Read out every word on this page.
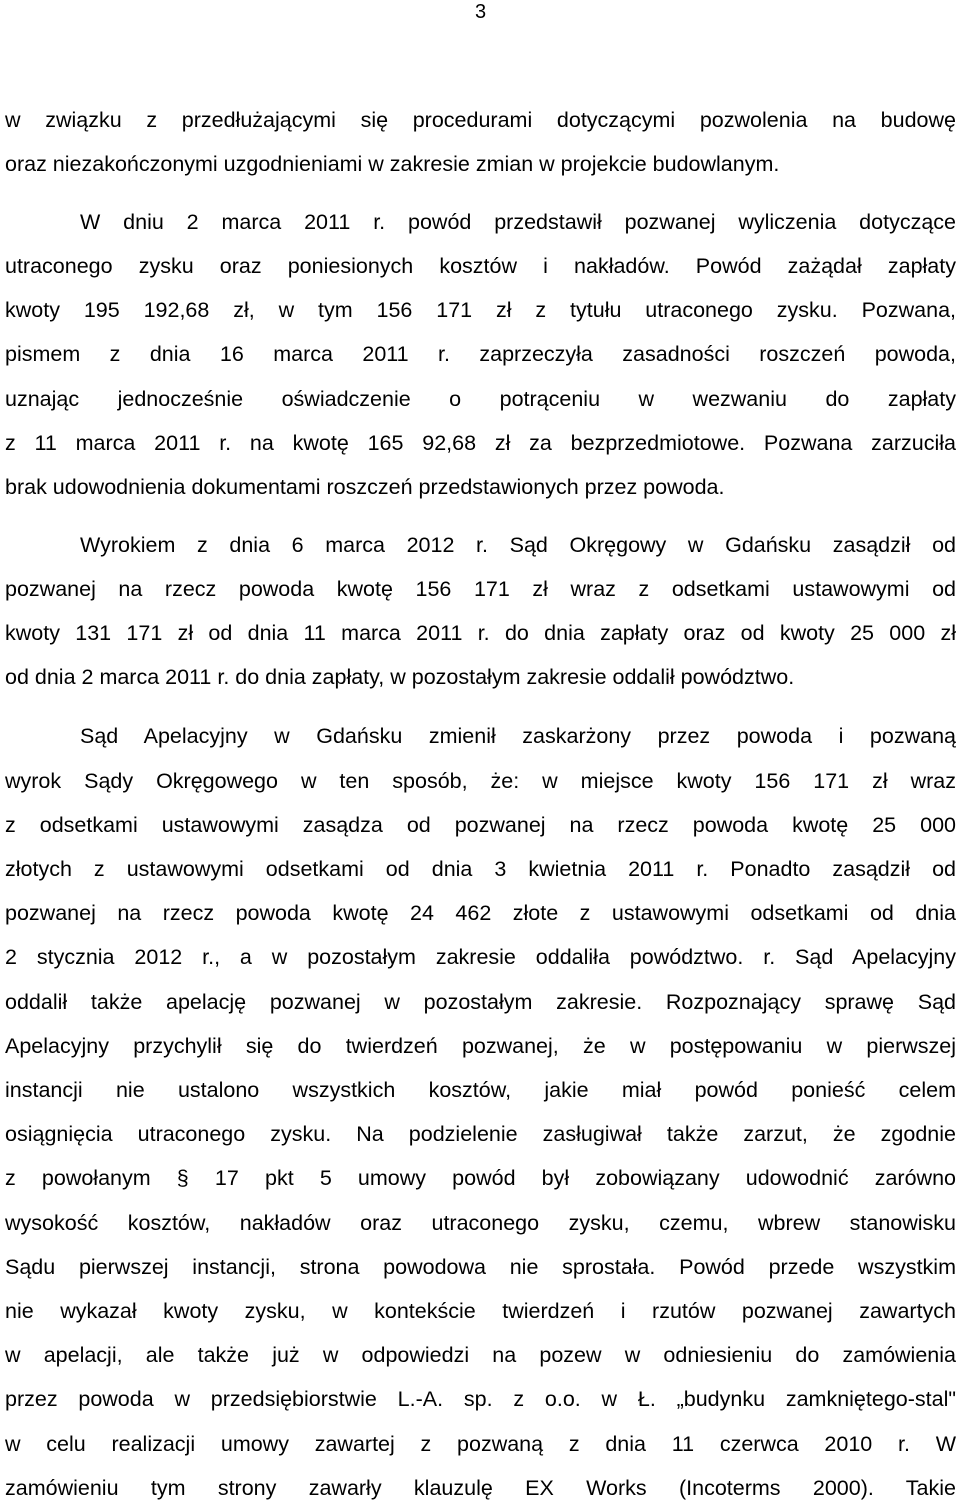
3
w związku z przedłużającymi się procedurami dotyczącymi pozwolenia na budowę
oraz niezakończonymi uzgodnieniami w zakresie zmian w projekcie budowlanym.
W dniu 2 marca 2011 r. powód przedstawił pozwanej wyliczenia dotyczące
utraconego zysku oraz poniesionych kosztów i nakładów. Powód zażądał zapłaty
kwoty 195 192,68 zł, w tym 156 171 zł z tytułu utraconego zysku. Pozwana,
pismem z dnia 16 marca 2011 r. zaprzeczyła zasadności roszczeń powoda,
uznając jednocześnie oświadczenie o potrąceniu w wezwaniu do zapłaty
z 11 marca 2011 r. na kwotę 165 92,68 zł za bezprzedmiotowe. Pozwana zarzuciła
brak udowodnienia dokumentami roszczeń przedstawionych przez powoda.
Wyrokiem z dnia 6 marca 2012 r. Sąd Okręgowy w Gdańsku zasądził od
pozwanej na rzecz powoda kwotę 156 171 zł wraz z odsetkami ustawowymi od
kwoty 131 171 zł od dnia 11 marca 2011 r. do dnia zapłaty oraz od kwoty 25 000 zł
od dnia 2 marca 2011 r. do dnia zapłaty, w pozostałym zakresie oddalił powództwo.
Sąd Apelacyjny w Gdańsku zmienił zaskarżony przez powoda i pozwaną
wyrok Sądy Okręgowego w ten sposób, że: w miejsce kwoty 156 171 zł wraz
z odsetkami ustawowymi zasądza od pozwanej na rzecz powoda kwotę 25 000
złotych z ustawowymi odsetkami od dnia 3 kwietnia 2011 r. Ponadto zasądził od
pozwanej na rzecz powoda kwotę 24 462 złote z ustawowymi odsetkami od dnia
2 stycznia 2012 r., a w pozostałym zakresie oddaliła powództwo. r. Sąd Apelacyjny
oddalił także apelację pozwanej w pozostałym zakresie. Rozpoznający sprawę Sąd
Apelacyjny przychylił się do twierdzeń pozwanej, że w postępowaniu w pierwszej
instancji nie ustalono wszystkich kosztów, jakie miał powód ponieść celem
osiągnięcia utraconego zysku. Na podzielenie zasługiwał także zarzut, że zgodnie
z powołanym § 17 pkt 5 umowy powód był zobowiązany udowodnić zarówno
wysokość kosztów, nakładów oraz utraconego zysku, czemu, wbrew stanowisku
Sądu pierwszej instancji, strona powodowa nie sprostała. Powód przede wszystkim
nie wykazał kwoty zysku, w kontekście twierdzeń i rzutów pozwanej zawartych
w apelacji, ale także już w odpowiedzi na pozew w odniesieniu do zamówienia
przez powoda w przedsiębiorstwie L.-A. sp. z o.o. w Ł. „budynku zamkniętego-stal"
w celu realizacji umowy zawartej z pozwaną z dnia 11 czerwca 2010 r. W
zamówieniu tym strony zawarły klauzulę EX Works (Incoterms 2000). Takie
